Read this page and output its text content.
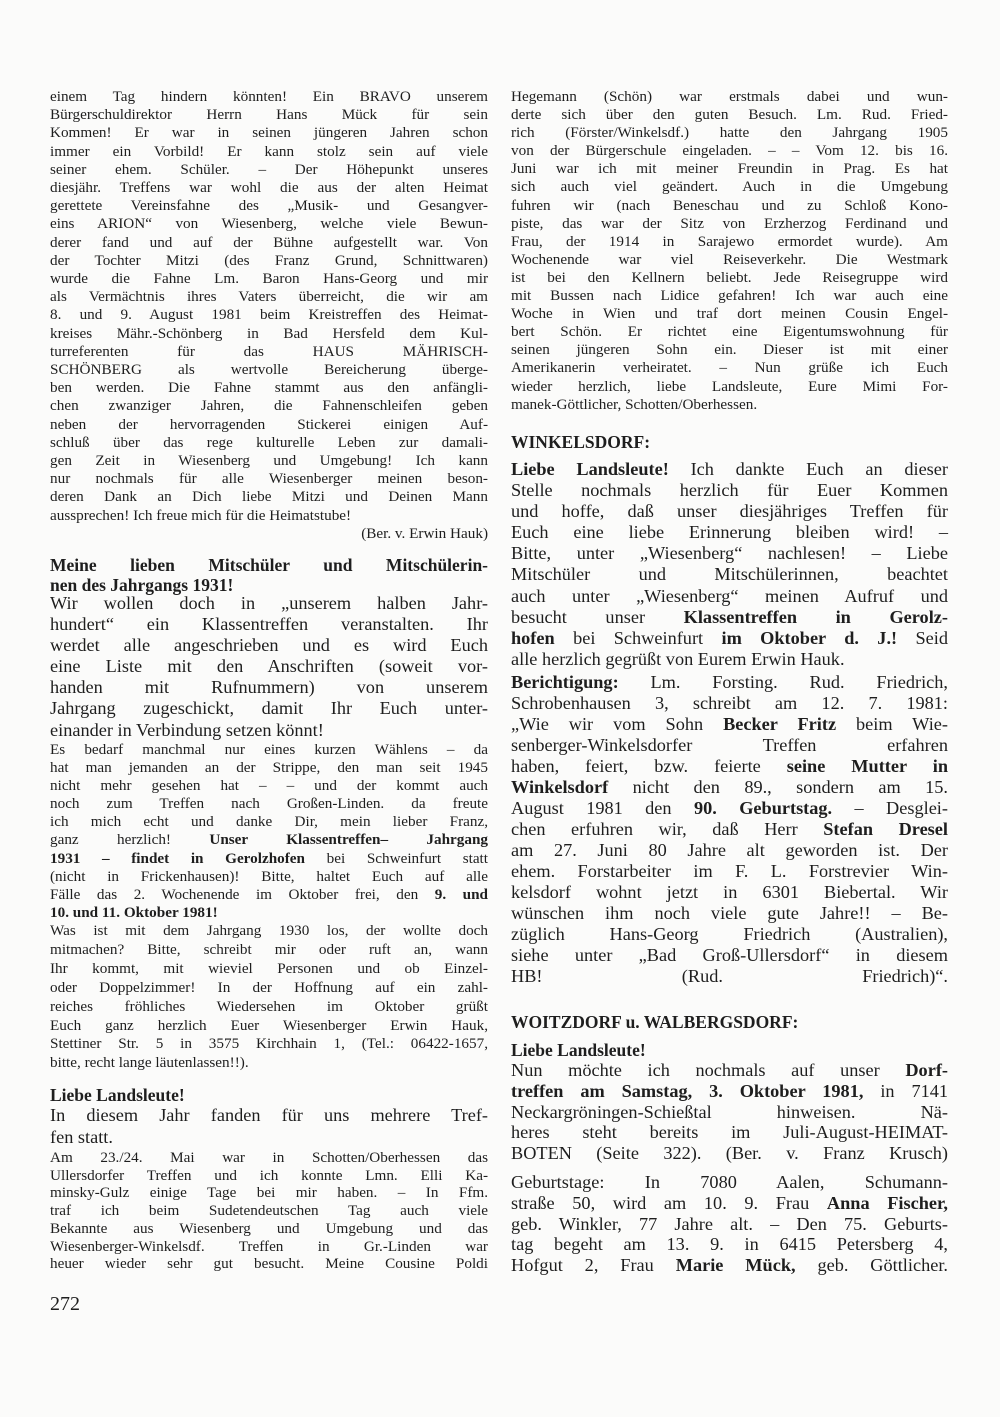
einem Tag hindern könnten! Ein BRAVO unserem
Bürgerschuldirektor Herrn Hans Mück für sein
Kommen! Er war in seinen jüngeren Jahren schon
immer ein Vorbild! Er kann stolz sein auf viele
seiner ehem. Schüler. – Der Höhepunkt unseres
diesjähr. Treffens war wohl die aus der alten Heimat
gerettete Vereinsfahne des „Musik- und Gesangver-
eins ARION“ von Wiesenberg, welche viele Bewun-
derer fand und auf der Bühne aufgestellt war. Von
der Tochter Mitzi (des Franz Grund, Schnittwaren)
wurde die Fahne Lm. Baron Hans-Georg und mir
als Vermächtnis ihres Vaters überreicht, die wir am
8. und 9. August 1981 beim Kreistreffen des Heimat-
kreises Mähr.-Schönberg in Bad Hersfeld dem Kul-
turreferenten für das HAUS MÄHRISCH-
SCHÖNBERG als wertvolle Bereicherung überge-
ben werden. Die Fahne stammt aus den anfängli-
chen zwanziger Jahren, die Fahnenschleifen geben
neben der hervorragenden Stickerei einigen Auf-
schluß über das rege kulturelle Leben zur damali-
gen Zeit in Wiesenberg und Umgebung! Ich kann
nur nochmals für alle Wiesenberger meinen beson-
deren Dank an Dich liebe Mitzi und Deinen Mann
aussprechen! Ich freue mich für die Heimatstube!
(Ber. v. Erwin Hauk)
Meine lieben Mitschüler und Mitschülerin-
nen des Jahrgangs 1931!
Wir wollen doch in „unserem halben Jahr-
hundert“ ein Klassentreffen veranstalten. Ihr
werdet alle angeschrieben und es wird Euch
eine Liste mit den Anschriften (soweit vor-
handen mit Rufnummern) von unserem
Jahrgang zugeschickt, damit Ihr Euch unter-
einander in Verbindung setzen könnt!
Es bedarf manchmal nur eines kurzen Wählens – da
hat man jemanden an der Strippe, den man seit 1945
nicht mehr gesehen hat – – und der kommt auch
noch zum Treffen nach Großen-Linden. da freute
ich mich echt und danke Dir, mein lieber Franz,
ganz herzlich! Unser Klassentreffen– Jahrgang
1931 – findet in Gerolzhofen bei Schweinfurt statt
(nicht in Frickenhausen)! Bitte, haltet Euch auf alle
Fälle das 2. Wochenende im Oktober frei, den 9. und
10. und 11. Oktober 1981!
Was ist mit dem Jahrgang 1930 los, der wollte doch
mitmachen? Bitte, schreibt mir oder ruft an, wann
Ihr kommt, mit wieviel Personen und ob Einzel-
oder Doppelzimmer! In der Hoffnung auf ein zahl-
reiches fröhliches Wiedersehen im Oktober grüßt
Euch ganz herzlich Euer Wiesenberger Erwin Hauk,
Stettiner Str. 5 in 3575 Kirchhain 1, (Tel.: 06422-1657,
bitte, recht lange läutenlassen!!).
Liebe Landsleute!
In diesem Jahr fanden für uns mehrere Tref-
fen statt.
Am 23./24. Mai war in Schotten/Oberhessen das
Ullersdorfer Treffen und ich konnte Lmn. Elli Ka-
minsky-Gulz einige Tage bei mir haben. – In Ffm.
traf ich beim Sudetendeutschen Tag auch viele
Bekannte aus Wiesenberg und Umgebung und das
Wiesenberger-Winkelsdf. Treffen in Gr.-Linden war
heuer wieder sehr gut besucht. Meine Cousine Poldi
Hegemann (Schön) war erstmals dabei und wun-
derte sich über den guten Besuch. Lm. Rud. Fried-
rich (Förster/Winkelsdf.) hatte den Jahrgang 1905
von der Bürgerschule eingeladen. – – Vom 12. bis 16.
Juni war ich mit meiner Freundin in Prag. Es hat
sich auch viel geändert. Auch in die Umgebung
fuhren wir (nach Beneschau und zu Schloß Kono-
piste, das war der Sitz von Erzherzog Ferdinand und
Frau, der 1914 in Sarajewo ermordet wurde). Am
Wochenende war viel Reiseverkehr. Die Westmark
ist bei den Kellnern beliebt. Jede Reisegruppe wird
mit Bussen nach Lidice gefahren! Ich war auch eine
Woche in Wien und traf dort meinen Cousin Engel-
bert Schön. Er richtet eine Eigentumswohnung für
seinen jüngeren Sohn ein. Dieser ist mit einer
Amerikanerin verheiratet. – Nun grüße ich Euch
wieder herzlich, liebe Landsleute, Eure Mimi For-
manek-Göttlicher, Schotten/Oberhessen.
WINKELSDORF:
Liebe Landsleute! Ich dankte Euch an dieser
Stelle nochmals herzlich für Euer Kommen
und hoffe, daß unser diesjähriges Treffen für
Euch eine liebe Erinnerung bleiben wird! –
Bitte, unter „Wiesenberg“ nachlesen! – Liebe
Mitschüler und Mitschülerinnen, beachtet
auch unter „Wiesenberg“ meinen Aufruf und
besucht unser Klassentreffen in Gerolz-
hofen bei Schweinfurt im Oktober d. J.! Seid
alle herzlich gegrüßt von Eurem Erwin Hauk.
Berichtigung: Lm. Forsting. Rud. Friedrich,
Schrobenhausen 3, schreibt am 12. 7. 1981:
„Wie wir vom Sohn Becker Fritz beim Wie-
senberger-Winkelsdorfer Treffen erfahren
haben, feiert, bzw. feierte seine Mutter in
Winkelsdorf nicht den 89., sondern am 15.
August 1981 den 90. Geburtstag. – Desglei-
chen erfuhren wir, daß Herr Stefan Dresel
am 27. Juni 80 Jahre alt geworden ist. Der
ehem. Forstarbeiter im F. L. Forstrevier Win-
kelsdorf wohnt jetzt in 6301 Biebertal. Wir
wünschen ihm noch viele gute Jahre!! – Be-
züglich Hans-Georg Friedrich (Australien),
siehe unter „Bad Groß-Ullersdorf“ in diesem
HB!	(Rud. Friedrich)“.
WOITZDORF u. WALBERGSDORF:
Liebe Landsleute!
Nun möchte ich nochmals auf unser Dorf-
treffen am Samstag, 3. Oktober 1981, in 7141
Neckargröningen-Schießtal hinweisen. Nä-
heres steht bereits im Juli-August-HEIMAT-
BOTEN (Seite 322). (Ber. v. Franz Krusch)
Geburtstage: In 7080 Aalen, Schumann-
straße 50, wird am 10. 9. Frau Anna Fischer,
geb. Winkler, 77 Jahre alt. – Den 75. Geburts-
tag begeht am 13. 9. in 6415 Petersberg 4,
Hofgut 2, Frau Marie Mück, geb. Göttlicher.
272
